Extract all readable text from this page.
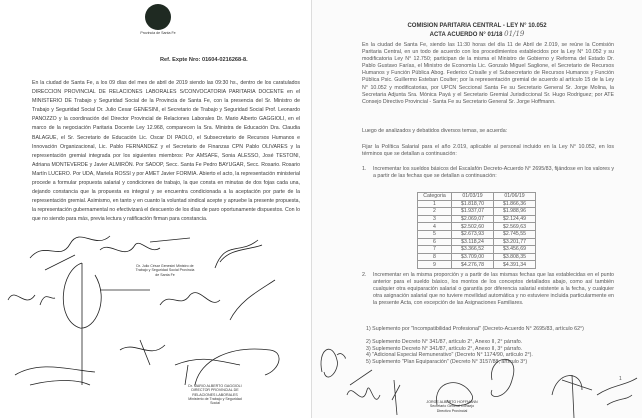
Provincia de Santa Fe
Ref. Expte Nro: 01604-0216268-8.

En la ciudad de Santa Fe, a los 09 días del mes de abril de 2019 siendo las 09:30 hs., dentro de los caratulados DIRECCION PROVINCIAL DE RELACIONES LABORALES S/CONVOCATORIA PARITARIA DOCENTE en el MINISTERIO DE Trabajo y Seguridad Social de la Provincia de Santa Fe, con la presencia del Sr. Ministro de Trabajo y Seguridad Social Dr. Julio Cesar GENESINI, el Secretario de Trabajo y Seguridad Social Prof. Leonardo PANOZZO y la coordinación del Director Provincial de Relaciones Laborales Dr. Mario Alberto GAGGIOLI, en el marco de la negociación Paritaria Docente Ley 12.968, comparecen la Sra. Ministra de Educación Dra. Claudia BALAGUE, el Sr. Secretario de Educación Lic. Oscar DI PAOLO, el Subsecretario de Recursos Humanos e Innovación Organizacional, Lic. Pablo FERNANDEZ y el Secretario de Finanzas CPN Pablo OLIVARES y la representación gremial integrada por los siguientes miembros: Por AMSAFE, Sonia ALESSO, José TESTONI, Adriana MONTEVERDE y Javier ALMIRÓN. Por SADOP, Secc. Santa Fe Pedro BAYUGAR, Secc. Rosario. Rosario Martín LUCERO. Por UDA, Mariela ROSSI y por AMET Javier FORMIA. Abierto el acto, la representación ministerial procede a formular propuesta salarial y condiciones de trabajo, la que consta en minutas de dos fojas cada una, dejando constancia que la propuesta es integral y se encuentra condicionada a la aceptación por parte de la representación gremial. Asimismo, en tanto y en cuanto la voluntad sindical acepte y apruebe la presente propuesta, la representación gubernamental no efectivizará el descuento de los días de paro oportunamente dispuestos. Con lo que no siendo para más, previa lectura y ratificación firman para constancia.

Dr. Julio César Genesini Ministro de Trabajo y Seguridad Social Provincia de Santa Fe
Dr. MARIO ALBERTO GAGGIOLI DIRECTOR PROVINCIAL DE RELACIONES LABORALES Ministerio de Trabajo y Seguridad Social
COMISION PARITARIA CENTRAL - LEY N° 10.052
ACTA ACUERDO N° 01/18 01/19

En la ciudad de Santa Fe, siendo las 11:30 horas del día 11 de Abril de 2.019, se reúne la Comisión Paritaria Central, en un todo de acuerdo con los procedimientos establecidos por la Ley N° 10.052 y su modificatoria Ley N° 12.750; participan de la misma el Ministro de Gobierno y Reforma del Estado Dr. Pablo Gustavo Farías, el Ministro de Economía Lic. Gonzalo Miguel Saglione, el Secretario de Recursos Humanos y Función Pública Abog. Federico Crisalle y el Subsecretario de Recursos Humanos y Función Pública Psic. Guillermo Esteban Coulter; por la representación gremial de acuerdo al artículo 15 de la Ley N° 10.052 y modificatorias, por UPCN Seccional Santa Fe su Secretario General Sr. Jorge Molina, la Secretaria Adjunta Sra. Mónica Payá y el Secretario Gremial Jurisdiccional Sr. Hugo Rodriguez; por ATE Consejo Directivo Provincial - Santa Fe su Secretario General Sr. Jorge Hoffmann.

Luego de analizados y debatidos diversos temas, se acuerda:

Fijar la Política Salarial para el año 2.019, aplicable al personal incluido en la Ley N° 10.052, en los términos que se detallan a continuación:

1.	Incrementar los sueldos básicos del Escalafón Decreto-Acuerdo N° 2695/83, fijándose en los valores y a partir de las fechas que se detallan a continuación:
2.	Incrementar en la misma proporción y a partir de las mismas fechas que las establecidas en el punto anterior para el sueldo básico, los montos de los conceptos detallados abajo, como así también cualquier otra equiparación salarial o garantía por diferencia salarial existente a la fecha, y cualquier otra asignación salarial que no tuviere movilidad automática y no estuviere incluida particularmente en la presente Acta, con excepción de las Asignaciones Familiares.
1) Suplemento por "Incompatibilidad Profesional" (Decreto-Acuerdo N° 2695/83, artículo 62°)
2) Suplemento Decreto N° 341/87, artículo 2°, Anexo II, 2° párrafo.
3) Suplemento Decreto N° 341/87, artículo 2°, Anexo II, 3° párrafo.
4) "Adicional Especial Remunerativo" (Decreto N° 1174/90, artículo 2°).
5) Suplemento "Plan Equiparación" (Decreto N° 3157/88, artículo 3°)
1
JORGE ALBERTO HOFFMANN Secretario General Consejo Directivo Provincial
Categoria	01/03/19	01/06/19
1	$1.818,70	$1.866,36
2	$1.937,07	$1.988,96
3	$2.069,07	$2.124,49
4	$2.502,60	$2.569,63
5	$2.673,93	$2.745,55
6	$3.118,24	$3.201,77
7	$3.366,52	$3.456,69
8	$3.709,00	$3.808,35
9	$4.276,78	$4.391,34
